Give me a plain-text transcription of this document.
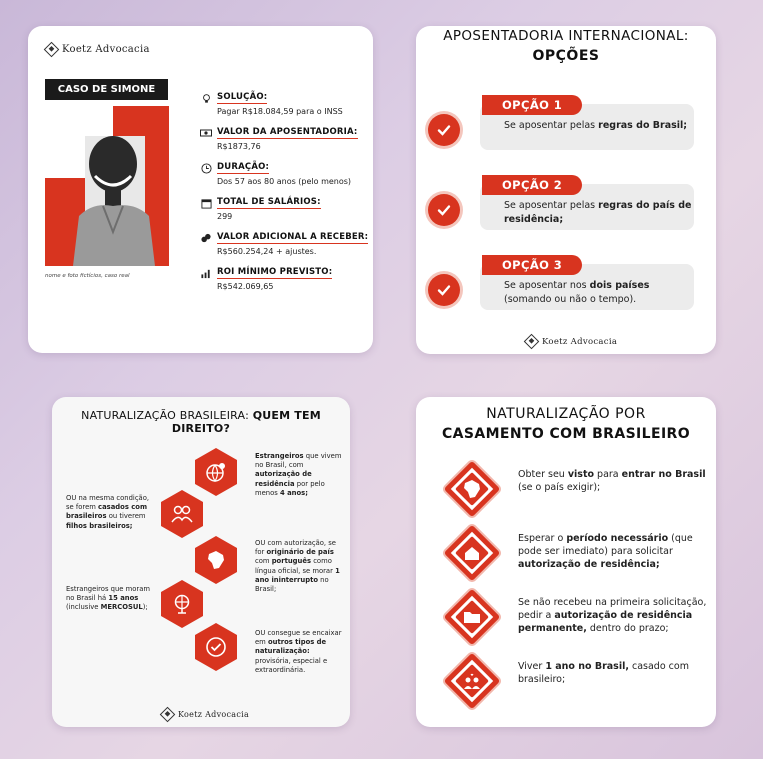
Koetz Advocacia
CASO DE SIMONE
nome e foto fictícios, caso real
SOLUÇÃO:
Pagar R$18.084,59 para o INSS
VALOR DA APOSENTADORIA:
R$1873,76
DURAÇÃO:
Dos 57 aos 80 anos (pelo menos)
TOTAL DE SALÁRIOS:
299
VALOR ADICIONAL A RECEBER:
R$560.254,24 + ajustes.
ROI MÍNIMO PREVISTO:
R$542.069,65
APOSENTADORIA INTERNACIONAL:
OPÇÕES
OPÇÃO 1
Se aposentar pelas regras do Brasil;
OPÇÃO 2
Se aposentar pelas regras do país de residência;
OPÇÃO 3
Se aposentar nos dois países (somando ou não o tempo).
Koetz Advocacia
NATURALIZAÇÃO BRASILEIRA: QUEM TEM DIREITO?
Estrangeiros que vivem no Brasil, com autorização de residência por pelo menos 4 anos;
OU na mesma condição, se forem casados com brasileiros ou tiverem filhos brasileiros;
OU com autorização, se for originário de país com português como língua oficial, se morar 1 ano ininterrupto no Brasil;
Estrangeiros que moram no Brasil há 15 anos (inclusive MERCOSUL);
OU consegue se encaixar em outros tipos de naturalização: provisória, especial e extraordinária.
Koetz Advocacia
NATURALIZAÇÃO POR
CASAMENTO COM BRASILEIRO
Obter seu visto para entrar no Brasil (se o país exigir);
Esperar o período necessário (que pode ser imediato) para solicitar autorização de residência;
Se não recebeu na primeira solicitação, pedir a autorização de residência permanente, dentro do prazo;
Viver 1 ano no Brasil, casado com brasileiro;
